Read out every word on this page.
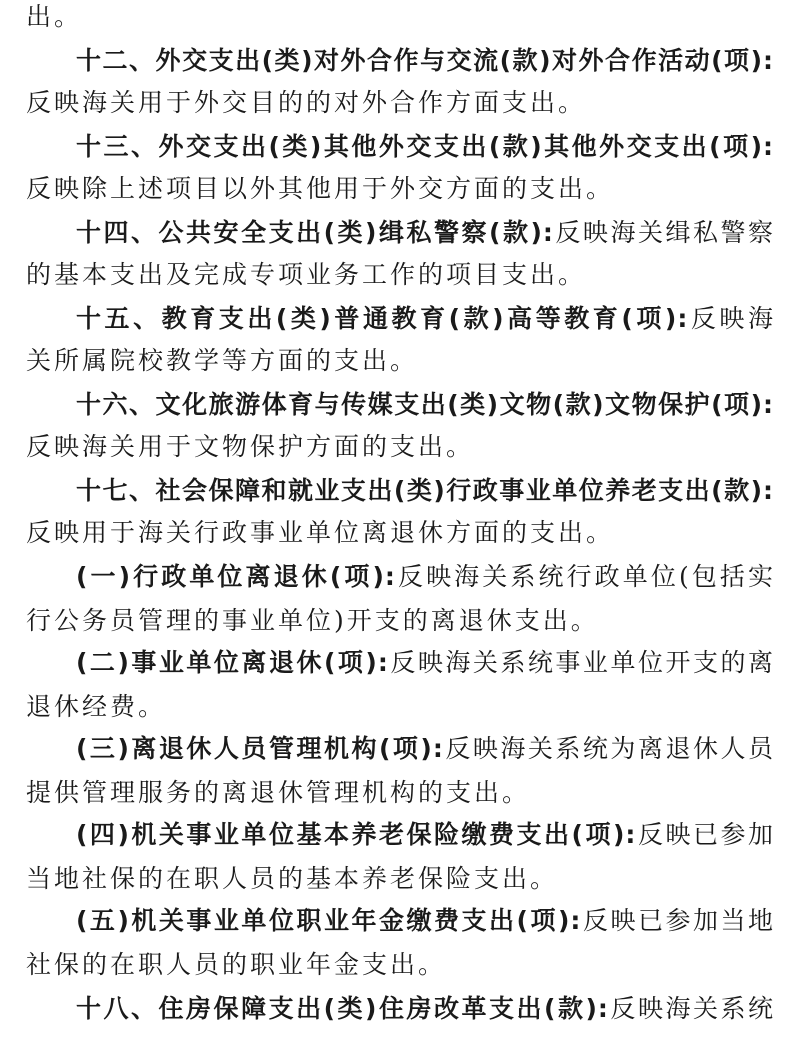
出。
十二、外交支出(类)对外合作与交流(款)对外合作活动(项):
反映海关用于外交目的的对外合作方面支出。
十三、外交支出(类)其他外交支出(款)其他外交支出(项):
反映除上述项目以外其他用于外交方面的支出。
十四、公共安全支出(类)缉私警察(款):反映海关缉私警察
的基本支出及完成专项业务工作的项目支出。
十五、教育支出(类)普通教育(款)高等教育(项):反映海
关所属院校教学等方面的支出。
十六、文化旅游体育与传媒支出(类)文物(款)文物保护(项):
反映海关用于文物保护方面的支出。
十七、社会保障和就业支出(类)行政事业单位养老支出(款):
反映用于海关行政事业单位离退休方面的支出。
(一)行政单位离退休(项):反映海关系统行政单位(包括实
行公务员管理的事业单位)开支的离退休支出。
(二)事业单位离退休(项):反映海关系统事业单位开支的离
退休经费。
(三)离退休人员管理机构(项):反映海关系统为离退休人员
提供管理服务的离退休管理机构的支出。
(四)机关事业单位基本养老保险缴费支出(项):反映已参加
当地社保的在职人员的基本养老保险支出。
(五)机关事业单位职业年金缴费支出(项):反映已参加当地
社保的在职人员的职业年金支出。
十八、住房保障支出(类)住房改革支出(款):反映海关系统
